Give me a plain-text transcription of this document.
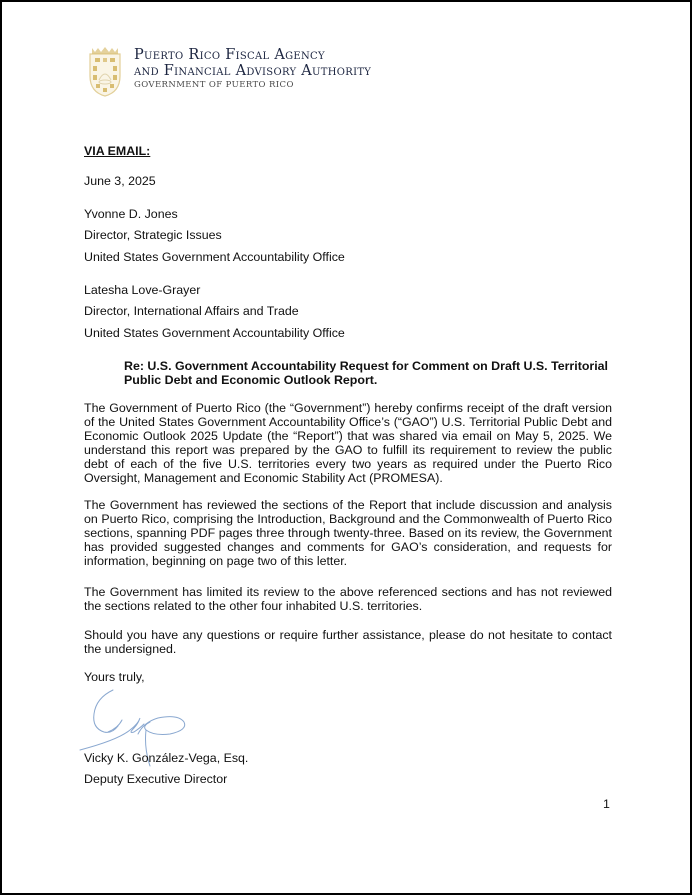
Puerto Rico Fiscal Agency
and Financial Advisory Authority
GOVERNMENT OF PUERTO RICO
VIA EMAIL:
June 3, 2025
Yvonne D. Jones
Director, Strategic Issues
United States Government Accountability Office
Latesha Love-Grayer
Director, International Affairs and Trade
United States Government Accountability Office
Re: U.S. Government Accountability Request for Comment on Draft U.S. Territorial Public Debt and Economic Outlook Report.
The Government of Puerto Rico (the “Government”) hereby confirms receipt of the draft version of the United States Government Accountability Office’s (“GAO”) U.S. Territorial Public Debt and Economic Outlook 2025 Update (the “Report”) that was shared via email on May 5, 2025. We understand this report was prepared by the GAO to fulfill its requirement to review the public debt of each of the five U.S. territories every two years as required under the Puerto Rico Oversight, Management and Economic Stability Act (PROMESA).
The Government has reviewed the sections of the Report that include discussion and analysis on Puerto Rico, comprising the Introduction, Background and the Commonwealth of Puerto Rico sections, spanning PDF pages three through twenty-three. Based on its review, the Government has provided suggested changes and comments for GAO’s consideration, and requests for information, beginning on page two of this letter.
The Government has limited its review to the above referenced sections and has not reviewed the sections related to the other four inhabited U.S. territories.
Should you have any questions or require further assistance, please do not hesitate to contact the undersigned.
Yours truly,
Vicky K. González-Vega, Esq.
Deputy Executive Director
1
